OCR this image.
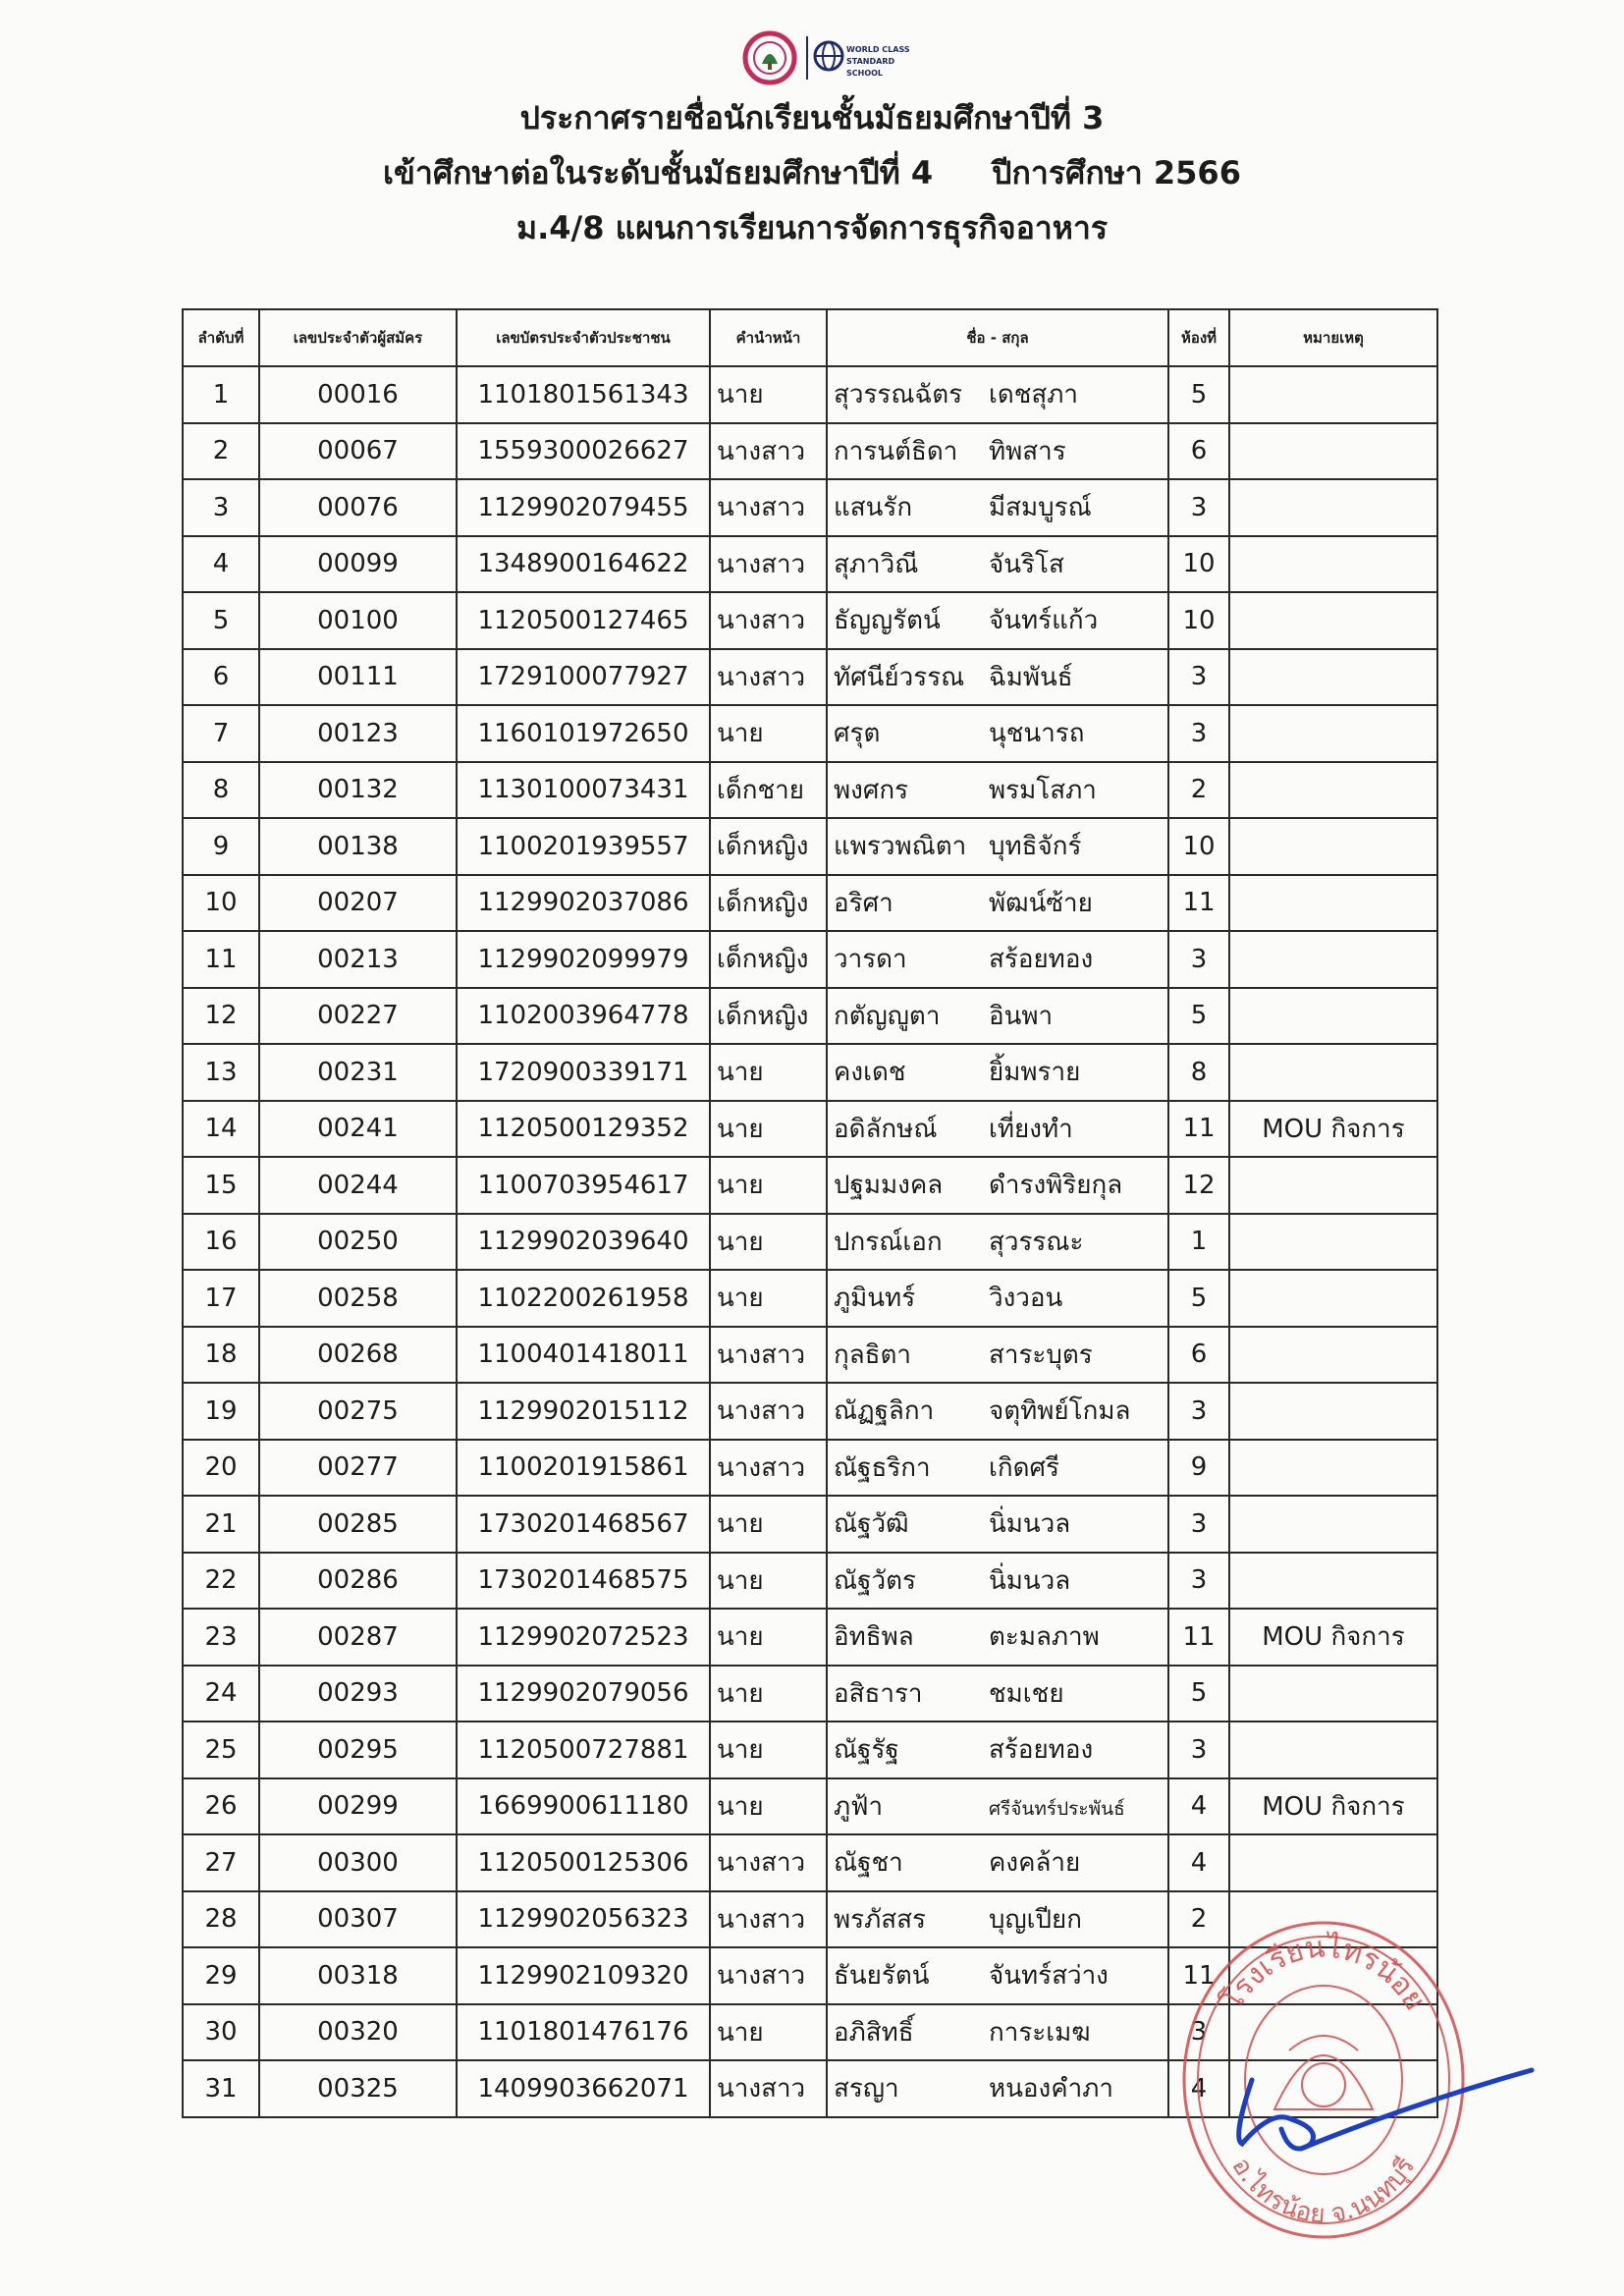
WORLD CLASS
STANDARD
SCHOOL
ประกาศรายชื่อนักเรียนชั้นมัธยมศึกษาปีที่ 3
เข้าศึกษาต่อในระดับชั้นมัธยมศึกษาปีที่ 4 ปีการศึกษา 2566
ม.4/8 แผนการเรียนการจัดการธุรกิจอาหาร
ลำดับที่	เลขประจำตัวผู้สมัคร	เลขบัตรประจำตัวประชาชน	คำนำหน้า	ชื่อ - สกุล	ห้องที่	หมายเหตุ
1	00016	1101801561343	นาย	สุวรรณฉัตร เดชสุภา	5	
2	00067	1559300026627	นางสาว	การนต์ธิดา ทิพสาร	6	
3	00076	1129902079455	นางสาว	แสนรัก มีสมบูรณ์	3	
4	00099	1348900164622	นางสาว	สุภาวิณี จันริโส	10	
5	00100	1120500127465	นางสาว	ธัญญรัตน์ จันทร์แก้ว	10	
6	00111	1729100077927	นางสาว	ทัศนีย์วรรณ ฉิมพันธ์	3	
7	00123	1160101972650	นาย	ศรุต นุชนารถ	3	
8	00132	1130100073431	เด็กชาย	พงศกร พรมโสภา	2	
9	00138	1100201939557	เด็กหญิง	แพรวพณิตา บุทธิจักร์	10	
10	00207	1129902037086	เด็กหญิง	อริศา พัฒน์ซ้าย	11	
11	00213	1129902099979	เด็กหญิง	วารดา สร้อยทอง	3	
12	00227	1102003964778	เด็กหญิง	กตัญญูตา อินพา	5	
13	00231	1720900339171	นาย	คงเดช ยิ้มพราย	8	
14	00241	1120500129352	นาย	อดิลักษณ์ เที่ยงทำ	11	MOU กิจการ
15	00244	1100703954617	นาย	ปฐมมงคล ดำรงพิริยกุล	12	
16	00250	1129902039640	นาย	ปกรณ์เอก สุวรรณะ	1	
17	00258	1102200261958	นาย	ภูมินทร์ วิงวอน	5	
18	00268	1100401418011	นางสาว	กุลธิตา สาระบุตร	6	
19	00275	1129902015112	นางสาว	ณัฏฐลิกา จตุทิพย์โกมล	3	
20	00277	1100201915861	นางสาว	ณัฐธริกา เกิดศรี	9	
21	00285	1730201468567	นาย	ณัฐวัฒิ นิ่มนวล	3	
22	00286	1730201468575	นาย	ณัฐวัตร นิ่มนวล	3	
23	00287	1129902072523	นาย	อิทธิพล ตะมลภาพ	11	MOU กิจการ
24	00293	1129902079056	นาย	อสิธารา ชมเชย	5	
25	00295	1120500727881	นาย	ณัฐรัฐ สร้อยทอง	3	
26	00299	1669900611180	นาย	ภูฟ้า ศรีจันทร์ประพันธ์	4	MOU กิจการ
27	00300	1120500125306	นางสาว	ณัฐชา คงคล้าย	4	
28	00307	1129902056323	นางสาว	พรภัสสร บุญเปียก	2	
29	00318	1129902109320	นางสาว	ธันยรัตน์ จันทร์สว่าง	11	
30	00320	1101801476176	นาย	อภิสิทธิ์ การะเมฆ	3	
31	00325	1409903662071	นางสาว	สรญา หนองคำภา	4	
โรงเรียนไทรน้อย
อ.ไทรน้อย จ.นนทบุรี
